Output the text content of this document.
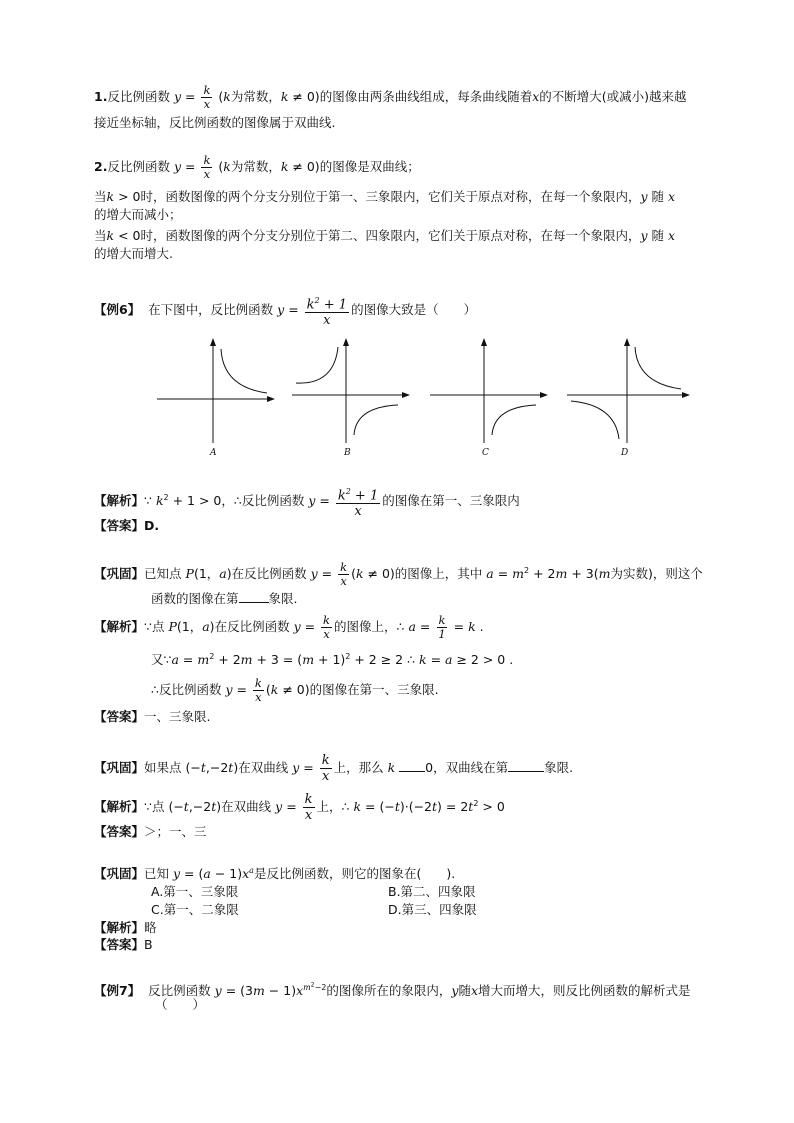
1.反比例函数 $y = \frac{k}{x} (k$为常数，k ≠ 0)的图像由两条曲线组成，每条曲线随着x的不断增大(或减小)越来越
接近坐标轴，反比例函数的图像属于双曲线.
2.反比例函数 $y = \frac{k}{x} (k$为常数，k ≠ 0)的图像是双曲线；
当k > 0时，函数图像的两个分支分别位于第一、三象限内，它们关于原点对称，在每一个象限内，y 随 x
的增大而减小；
当k < 0时，函数图像的两个分支分别位于第二、四象限内，它们关于原点对称，在每一个象限内，y 随 x
的增大而增大.
【例6】 在下图中，反比例函数 $y = \frac{k^2 + 1}{x}$ 的图像大致是（　　）
A	B	C	D
【解析】∵ $k^2 + 1 > 0$，∴反比例函数 $y = \frac{k^2 + 1}{x}$ 的图像在第一、三象限内
【答案】D.
【巩固】已知点 P(1，a)在反比例函数 $y = \frac{k}{x} (k \ne 0)$的图像上，其中 $a = m^2 + 2m + 3(m$为实数)，则这个
函数的图像在第 象限.
【解析】∵点 P(1，a)在反比例函数 $y = \frac{k}{x}$ 的图像上，∴ $a = \frac{k}{1} = k$ .
又∵a = $m^2 + 2m + 3 = (m + 1)^2 + 2 \ge 2$ ∴ k = a ≥ 2 > 0 .
∴反比例函数 $y = \frac{k}{x} (k \ne 0)$的图像在第一、三象限.
【答案】一、三象限.
【巩固】如果点 (−t,−2t)在双曲线 $y = \frac{k}{x}$ 上，那么 k 0，双曲线在第	象限.
【解析】∵点 (−t,−2t)在双曲线 $y = \frac{k}{x}$ 上，∴ $k = (-t)\cdot(-2t) = 2t^2 > 0$
【答案】＞；一、三
【巩固】已知 $y = (a - 1)x^a$是反比例函数，则它的图象在(　　).
A.第一、三象限	B.第二、四象限
C.第一、二象限	D.第三、四象限
【解析】略
【答案】B
【例7】 反比例函数 $y = (3m - 1)x^{m^2-2}$的图像所在的象限内，y随x增大而增大，则反比例函数的解析式是
（　　）
